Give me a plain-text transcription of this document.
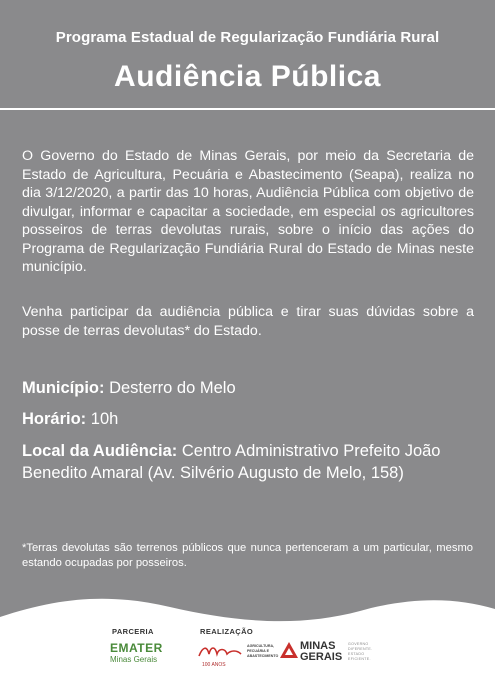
Programa Estadual de Regularização Fundiária Rural
Audiência Pública
O Governo do Estado de Minas Gerais, por meio da Secretaria de Estado de Agricultura, Pecuária e Abastecimento (Seapa), realiza no dia 3/12/2020, a partir das 10 horas, Audiência Pública com objetivo de divulgar, informar e capacitar a sociedade, em especial os agricultores posseiros de terras devolutas rurais, sobre o início das ações do Programa de Regularização Fundiária Rural do Estado de Minas neste município.
Venha participar da audiência pública e tirar suas dúvidas sobre a posse de terras devolutas* do Estado.
Município: Desterro do Melo
Horário: 10h
Local da Audiência: Centro Administrativo Prefeito João Benedito Amaral (Av. Silvério Augusto de Melo, 158)
*Terras devolutas são terrenos públicos que nunca pertenceram a um particular, mesmo estando ocupadas por posseiros.
PARCERIA	REALIZAÇÃO
EMATER
Minas Gerais
100 ANOS
AGRICULTURA, PECUÁRIA E ABASTECIMENTO
MINAS GERAIS
GOVERNO DIFERENTE. ESTADO EFICIENTE.
